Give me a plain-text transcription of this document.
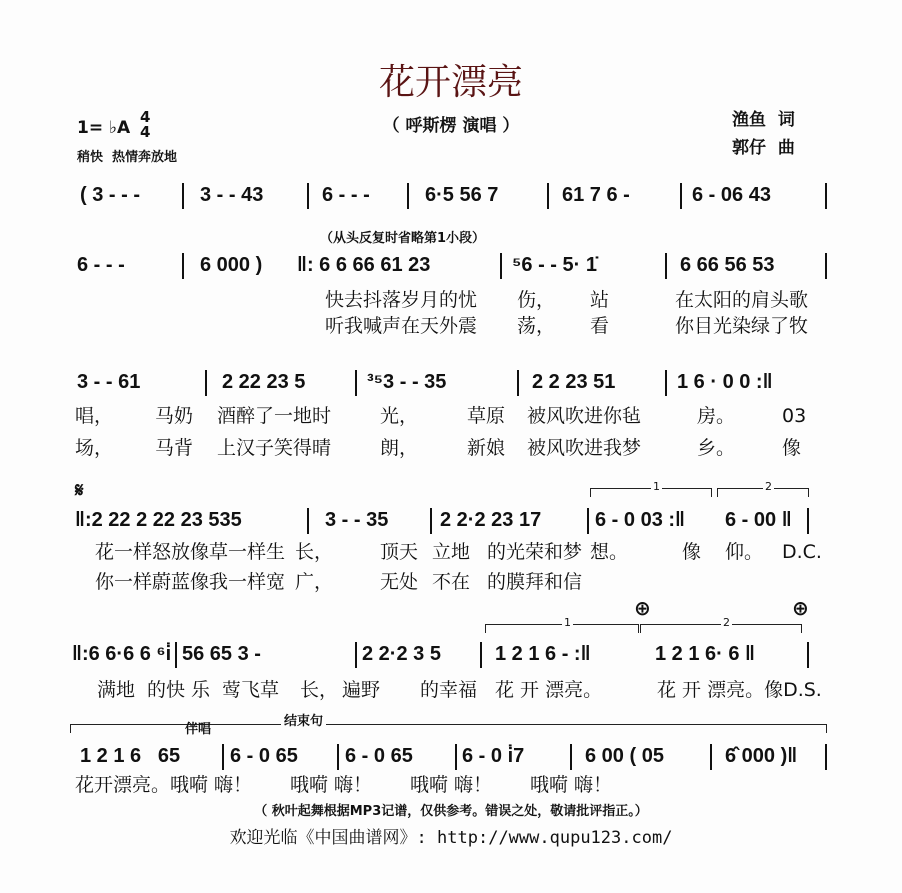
花开漂亮
1= ♭A
4
4
稍快  热情奔放地
（ 呼斯楞 演唱 ）	渔鱼  词
郭仔  曲
( 3 - - -	3 - - 43	6 - - -	6·5 56 7	61 7 6 -	6 - 06 43
6 - - -	6 000 ) ‖: 6 6 66 61 23	⁵6 - - 5· 1̇	6 66 56 53
（从头反复时省略第1小段）
快去抖落岁月的忧 伤， 站	在太阳的肩头歌
听我喊声在天外震 荡， 看	你目光染绿了牧
3 - - 61	2 22 23 5	³⁵3 - - 35	2 2 23 51	1 6 · 0 0 :‖
唱， 马奶 酒醉了一地时	光，	草原 被风吹进你毡	房。 03
场， 马背 上汉子笑得晴	朗，	新娘 被风吹进我梦	乡。 像
‖:2 22 2 22 23 535	3 - - 35	2 2·2 23 17	6 - 0 03 :‖ 6 - 00 ‖
花一样怒放像草一样生 长， 顶天 立地 的光荣和梦 想。	像 仰。 D.C.
你一样蔚蓝像我一样宽 广， 无处 不在 的膜拜和信
𝄋	1	2
‖:6 6·6 6 ⁶i̇ 56 65 3 -	2 2·2 3 5	1 2 1 6 - :‖	1 2 1 6· 6 ‖
满地 的快 乐 莺飞草 长， 遍野 的幸福 花 开 漂亮。	花 开 漂亮。像D.S.
⊕	⊕
1	2
1 2 1 6   65 6 - 0 65 6 - 0 65 6 - 0 i̇7	6 00 ( 05	6̂ 000 )‖
花开漂亮。哦嗬 嗨！ 哦嗬 嗨！ 哦嗬 嗨！ 哦嗬 嗨！
结束句
伴唱
（ 秋叶起舞根据MP3记谱，仅供参考。错误之处，敬请批评指正。）
欢迎光临《中国曲谱网》: http://www.qupu123.com/
